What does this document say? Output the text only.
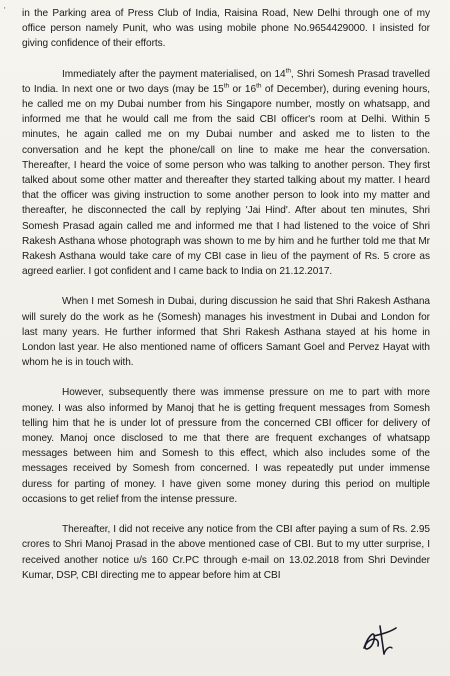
' in the Parking area of Press Club of India, Raisina Road, New Delhi through one of my office person namely Punit, who was using mobile phone No.9654429000. I insisted for giving confidence of their efforts.

Immediately after the payment materialised, on 14th, Shri Somesh Prasad travelled to India. In next one or two days (may be 15th or 16th of December), during evening hours, he called me on my Dubai number from his Singapore number, mostly on whatsapp, and informed me that he would call me from the said CBI officer's room at Delhi. Within 5 minutes, he again called me on my Dubai number and asked me to listen to the conversation and he kept the phone/call on line to make me hear the conversation. Thereafter, I heard the voice of some person who was talking to another person. They first talked about some other matter and thereafter they started talking about my matter. I heard that the officer was giving instruction to some another person to look into my matter and thereafter, he disconnected the call by replying 'Jai Hind'. After about ten minutes, Shri Somesh Prasad again called me and informed me that I had listened to the voice of Shri Rakesh Asthana whose photograph was shown to me by him and he further told me that Mr Rakesh Asthana would take care of my CBI case in lieu of the payment of Rs. 5 crore as agreed earlier. I got confident and I came back to India on 21.12.2017.

When I met Somesh in Dubai, during discussion he said that Shri Rakesh Asthana will surely do the work as he (Somesh) manages his investment in Dubai and London for last many years. He further informed that Shri Rakesh Asthana stayed at his home in London last year. He also mentioned name of officers Samant Goel and Pervez Hayat with whom he is in touch with.

However, subsequently there was immense pressure on me to part with more money. I was also informed by Manoj that he is getting frequent messages from Somesh telling him that he is under lot of pressure from the concerned CBI officer for delivery of money. Manoj once disclosed to me that there are frequent exchanges of whatsapp messages between him and Somesh to this effect, which also includes some of the messages received by Somesh from concerned. I was repeatedly put under immense duress for parting of money. I have given some money during this period on multiple occasions to get relief from the intense pressure.

Thereafter, I did not receive any notice from the CBI after paying a sum of Rs. 2.95 crores to Shri Manoj Prasad in the above mentioned case of CBI. But to my utter surprise, I received another notice u/s 160 Cr.PC through e-mail on 13.02.2018 from Shri Devinder Kumar, DSP, CBI directing me to appear before him at CBI
